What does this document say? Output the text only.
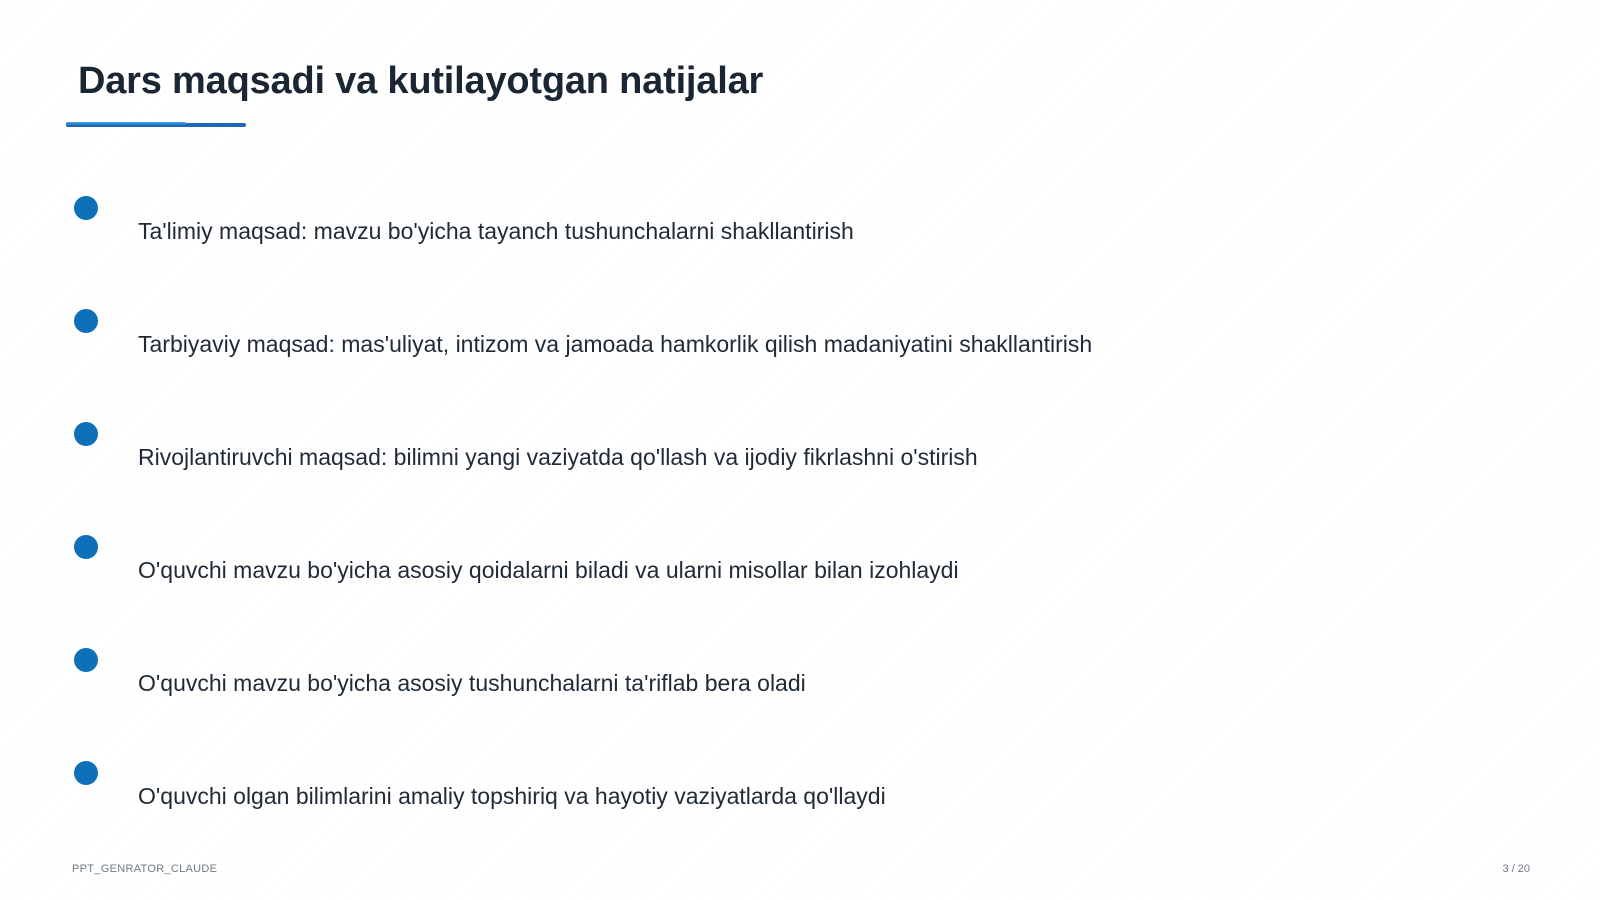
Dars maqsadi va kutilayotgan natijalar
Ta'limiy maqsad: mavzu bo'yicha tayanch tushunchalarni shakllantirish
Tarbiyaviy maqsad: mas'uliyat, intizom va jamoada hamkorlik qilish madaniyatini shakllantirish
Rivojlantiruvchi maqsad: bilimni yangi vaziyatda qo'llash va ijodiy fikrlashni o'stirish
O'quvchi mavzu bo'yicha asosiy qoidalarni biladi va ularni misollar bilan izohlaydi
O'quvchi mavzu bo'yicha asosiy tushunchalarni ta'riflab bera oladi
O'quvchi olgan bilimlarini amaliy topshiriq va hayotiy vaziyatlarda qo'llaydi
PPT_GENRATOR_CLAUDE	3 / 20
